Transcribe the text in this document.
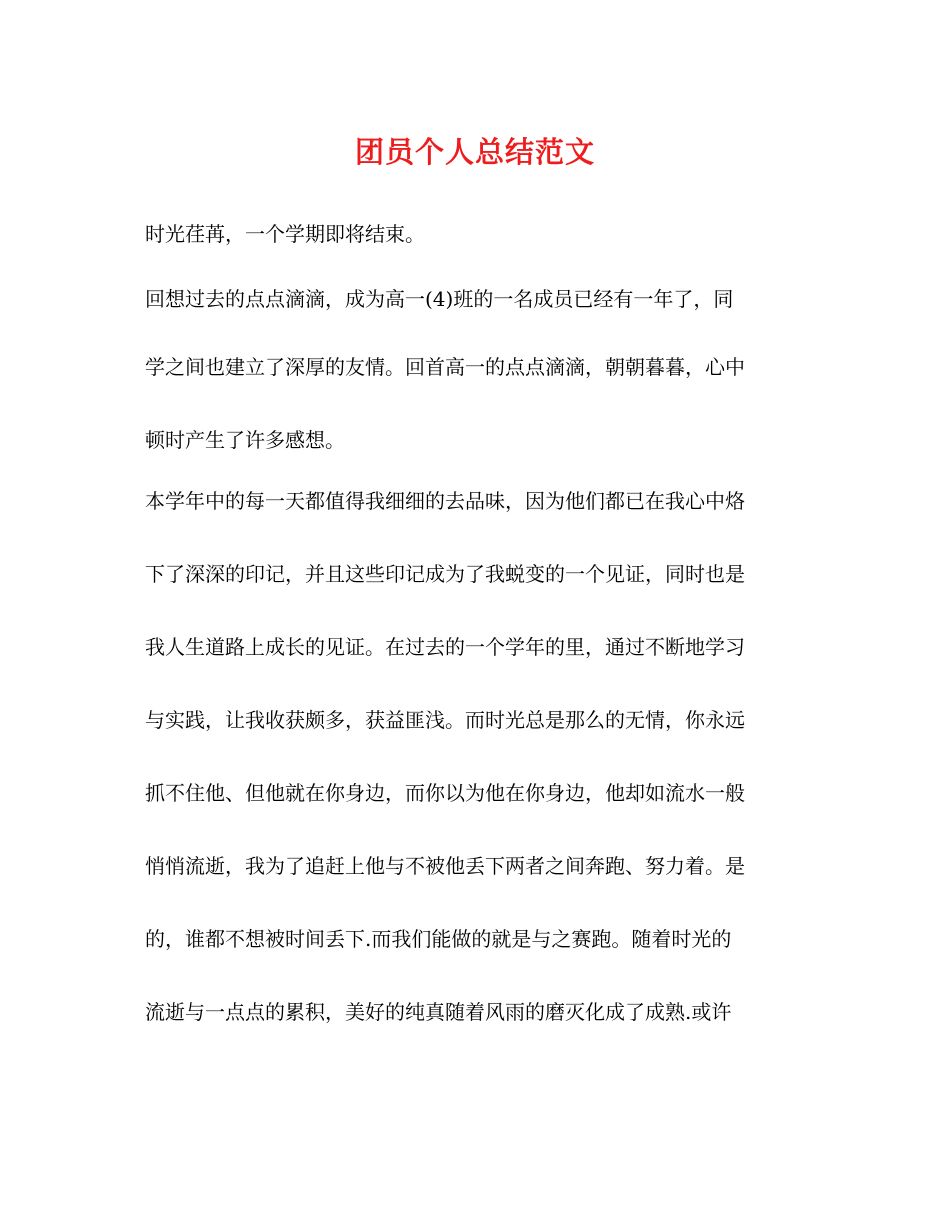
团员个人总结范文
时光荏苒，一个学期即将结束。
回想过去的点点滴滴，成为高一(4)班的一名成员已经有一年了，同
学之间也建立了深厚的友情。回首高一的点点滴滴，朝朝暮暮，心中
顿时产生了许多感想。
本学年中的每一天都值得我细细的去品味，因为他们都已在我心中烙
下了深深的印记，并且这些印记成为了我蜕变的一个见证，同时也是
我人生道路上成长的见证。在过去的一个学年的里，通过不断地学习
与实践，让我收获颇多，获益匪浅。而时光总是那么的无情，你永远
抓不住他、但他就在你身边，而你以为他在你身边，他却如流水一般
悄悄流逝，我为了追赶上他与不被他丢下两者之间奔跑、努力着。是
的，谁都不想被时间丢下.而我们能做的就是与之赛跑。随着时光的
流逝与一点点的累积，美好的纯真随着风雨的磨灭化成了成熟.或许
